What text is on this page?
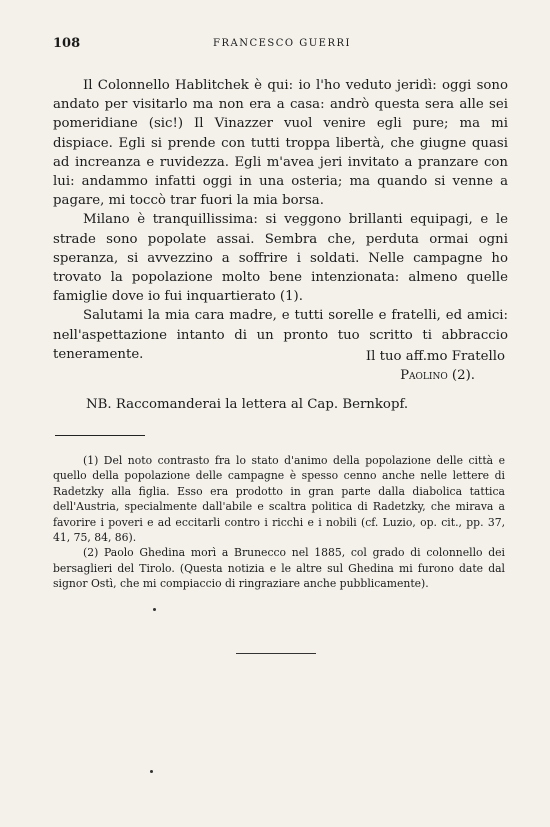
108	FRANCESCO GUERRI

Il Colonnello Hablitchek è qui: io l'ho veduto jeridì: oggi sono andato per visitarlo ma non era a casa: andrò questa sera alle sei pomeridiane (sic!) Il Vinazzer vuol venire egli pure; ma mi dispiace. Egli si prende con tutti troppa libertà, che giugne quasi ad increanza e ruvidezza. Egli m'avea jeri invitato a pranzare con lui: andammo infatti oggi in una osteria; ma quando si venne a pagare, mi toccò trar fuori la mia borsa.

Milano è tranquillissima: si veggono brillanti equipagi, e le strade sono popolate assai. Sembra che, perduta ormai ogni speranza, si avvezzino a soffrire i soldati. Nelle campagne ho trovato la popolazione molto bene intenzionata: almeno quelle famiglie dove io fui inquartierato (1).

Salutami la mia cara madre, e tutti sorelle e fratelli, ed amici: nell'aspettazione intanto di un pronto tuo scritto ti abbraccio teneramente.	Il tuo aff.mo Fratello
Paolino (2).
NB. Raccomanderai la lettera al Cap. Bernkopf.

(1) Del noto contrasto fra lo stato d'animo della popolazione delle città e quello della popolazione delle campagne è spesso cenno anche nelle lettere di Radetzky alla figlia. Esso era prodotto in gran parte dalla diabolica tattica dell'Austria, specialmente dall'abile e scaltra politica di Radetzky, che mirava a favorire i poveri e ad eccitarli contro i ricchi e i nobili (cf. Luzio, op. cit., pp. 37, 41, 75, 84, 86).

(2) Paolo Ghedina morì a Brunecco nel 1885, col grado di colonnello dei bersaglieri del Tirolo. (Questa notizia e le altre sul Ghedina mi furono date dal signor Ostì, che mi compiaccio di ringraziare anche pubblicamente).
